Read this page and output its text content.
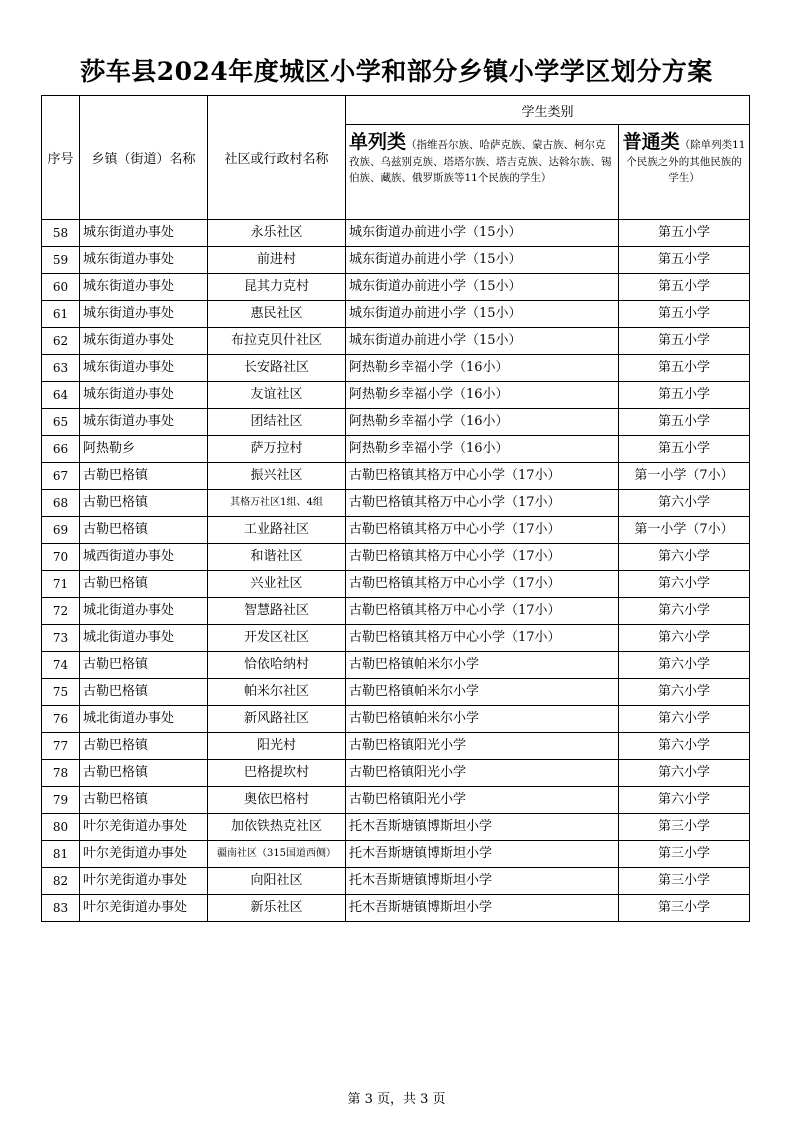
莎车县2024年度城区小学和部分乡镇小学学区划分方案
序号	乡镇（街道）名称	社区或行政村名称	学生类别	
			单列类（指维吾尔族、哈萨克族、蒙古族、柯尔克孜族、乌兹别克族、塔塔尔族、塔吉克族、达斡尔族、锡伯族、藏族、俄罗斯族等11个民族的学生）	普通类（除单列类11个民族之外的其他民族的学生）
58	城东街道办事处	永乐社区	城东街道办前进小学（15小）	第五小学
59	城东街道办事处	前进村	城东街道办前进小学（15小）	第五小学
60	城东街道办事处	昆其力克村	城东街道办前进小学（15小）	第五小学
61	城东街道办事处	惠民社区	城东街道办前进小学（15小）	第五小学
62	城东街道办事处	布拉克贝什社区	城东街道办前进小学（15小）	第五小学
63	城东街道办事处	长安路社区	阿热勒乡幸福小学（16小）	第五小学
64	城东街道办事处	友谊社区	阿热勒乡幸福小学（16小）	第五小学
65	城东街道办事处	团结社区	阿热勒乡幸福小学（16小）	第五小学
66	阿热勒乡	萨万拉村	阿热勒乡幸福小学（16小）	第五小学
67	古勒巴格镇	振兴社区	古勒巴格镇其格万中心小学（17小）	第一小学（7小）
68	古勒巴格镇	其格万社区1组、4组	古勒巴格镇其格万中心小学（17小）	第六小学
69	古勒巴格镇	工业路社区	古勒巴格镇其格万中心小学（17小）	第一小学（7小）
70	城西街道办事处	和谐社区	古勒巴格镇其格万中心小学（17小）	第六小学
71	古勒巴格镇	兴业社区	古勒巴格镇其格万中心小学（17小）	第六小学
72	城北街道办事处	智慧路社区	古勒巴格镇其格万中心小学（17小）	第六小学
73	城北街道办事处	开发区社区	古勒巴格镇其格万中心小学（17小）	第六小学
74	古勒巴格镇	恰依哈纳村	古勒巴格镇帕米尔小学	第六小学
75	古勒巴格镇	帕米尔社区	古勒巴格镇帕米尔小学	第六小学
76	城北街道办事处	新风路社区	古勒巴格镇帕米尔小学	第六小学
77	古勒巴格镇	阳光村	古勒巴格镇阳光小学	第六小学
78	古勒巴格镇	巴格提坎村	古勒巴格镇阳光小学	第六小学
79	古勒巴格镇	奥依巴格村	古勒巴格镇阳光小学	第六小学
80	叶尔羌街道办事处	加依铁热克社区	托木吾斯塘镇博斯坦小学	第三小学
81	叶尔羌街道办事处	疆南社区（315国道西侧）	托木吾斯塘镇博斯坦小学	第三小学
82	叶尔羌街道办事处	向阳社区	托木吾斯塘镇博斯坦小学	第三小学
83	叶尔羌街道办事处	新乐社区	托木吾斯塘镇博斯坦小学	第三小学
第 3 页，共 3 页
